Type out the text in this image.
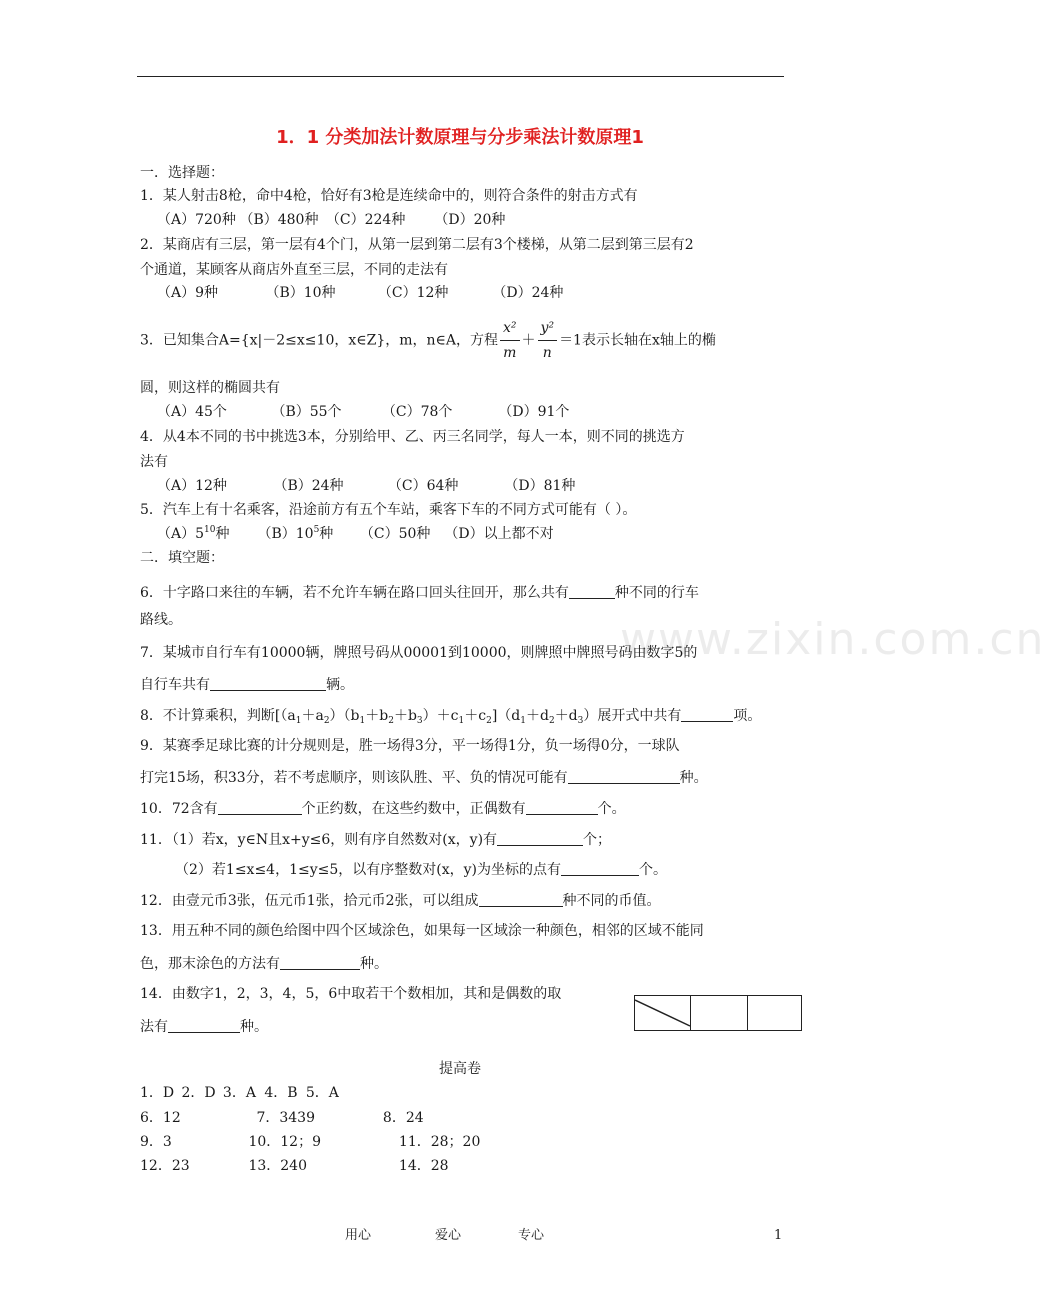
www.zixin.com.cn
1．1 分类加法计数原理与分步乘法计数原理1
一．选择题：
1．某人射击8枪，命中4枪，恰好有3枪是连续命中的，则符合条件的射击方式有
（A）720种 （B）480种 （C）224种 （D）20种
2．某商店有三层，第一层有4个门，从第一层到第二层有3个楼梯，从第二层到第三层有2
个通道，某顾客从商店外直至三层，不同的走法有
（A）9种	（B）10种	（C）12种	（D）24种
3．已知集合A={x|－2≤x≤10，x∈Z}，m，n∈A，方程 $\frac{\text{x²}}{m} + \frac{\text{y²}}{n} =1$表示长轴在x轴上的椭
圆，则这样的椭圆共有
（A）45个	（B）55个	（C）78个	（D）91个
4．从4本不同的书中挑选3本，分别给甲、乙、丙三名同学，每人一本，则不同的挑选方
法有
（A）12种	（B）24种	（C）64种	（D）81种
5．汽车上有十名乘客，沿途前方有五个车站，乘客下车的不同方式可能有（ ）。
$(A)5^{10}$种 $(B)10^5$种 （C）50种 （D）以上都不对
二．填空题：
6．十字路口来往的车辆，若不允许车辆在路口回头往回开，那么共有	种不同的行车
路线。
7．某城市自行车有10000辆，牌照号码从00001到10000，则牌照中牌照号码由数字5的
自行车共有	辆。
8．不计算乘积，判断$[(a_1+a_2)(b_1+b_2+b_3)+c_1+c_2](d_1+d_2+d_3)$展开式中共有	项。
9．某赛季足球比赛的计分规则是，胜一场得3分，平一场得1分，负一场得0分，一球队
打完15场，积33分，若不考虑顺序，则该队胜、平、负的情况可能有	种。
10．72含有	个正约数，在这些约数中，正偶数有	个。
11．（1）若x，y∈N且x+y≤6，则有序自然数对(x，y)有	个；
（2）若1≤x≤4，1≤y≤5，以有序整数对(x，y)为坐标的点有	个。
12．由壹元币3张，伍元币1张，拾元币2张，可以组成	种不同的币值。
13．用五种不同的颜色给图中四个区域涂色，如果每一区域涂一种颜色，相邻的区域不能同
色，那末涂色的方法有	种。
14．由数字1，2，3，4，5，6中取若干个数相加，其和是偶数的取
法有	种。
提高卷
1．D 2．D 3．A 4．B 5．A
6．12	7．3439	8．24
9．3	10．12；9	11．28；20
12．23	13．240	14．28
用心	爱心	专心	1
